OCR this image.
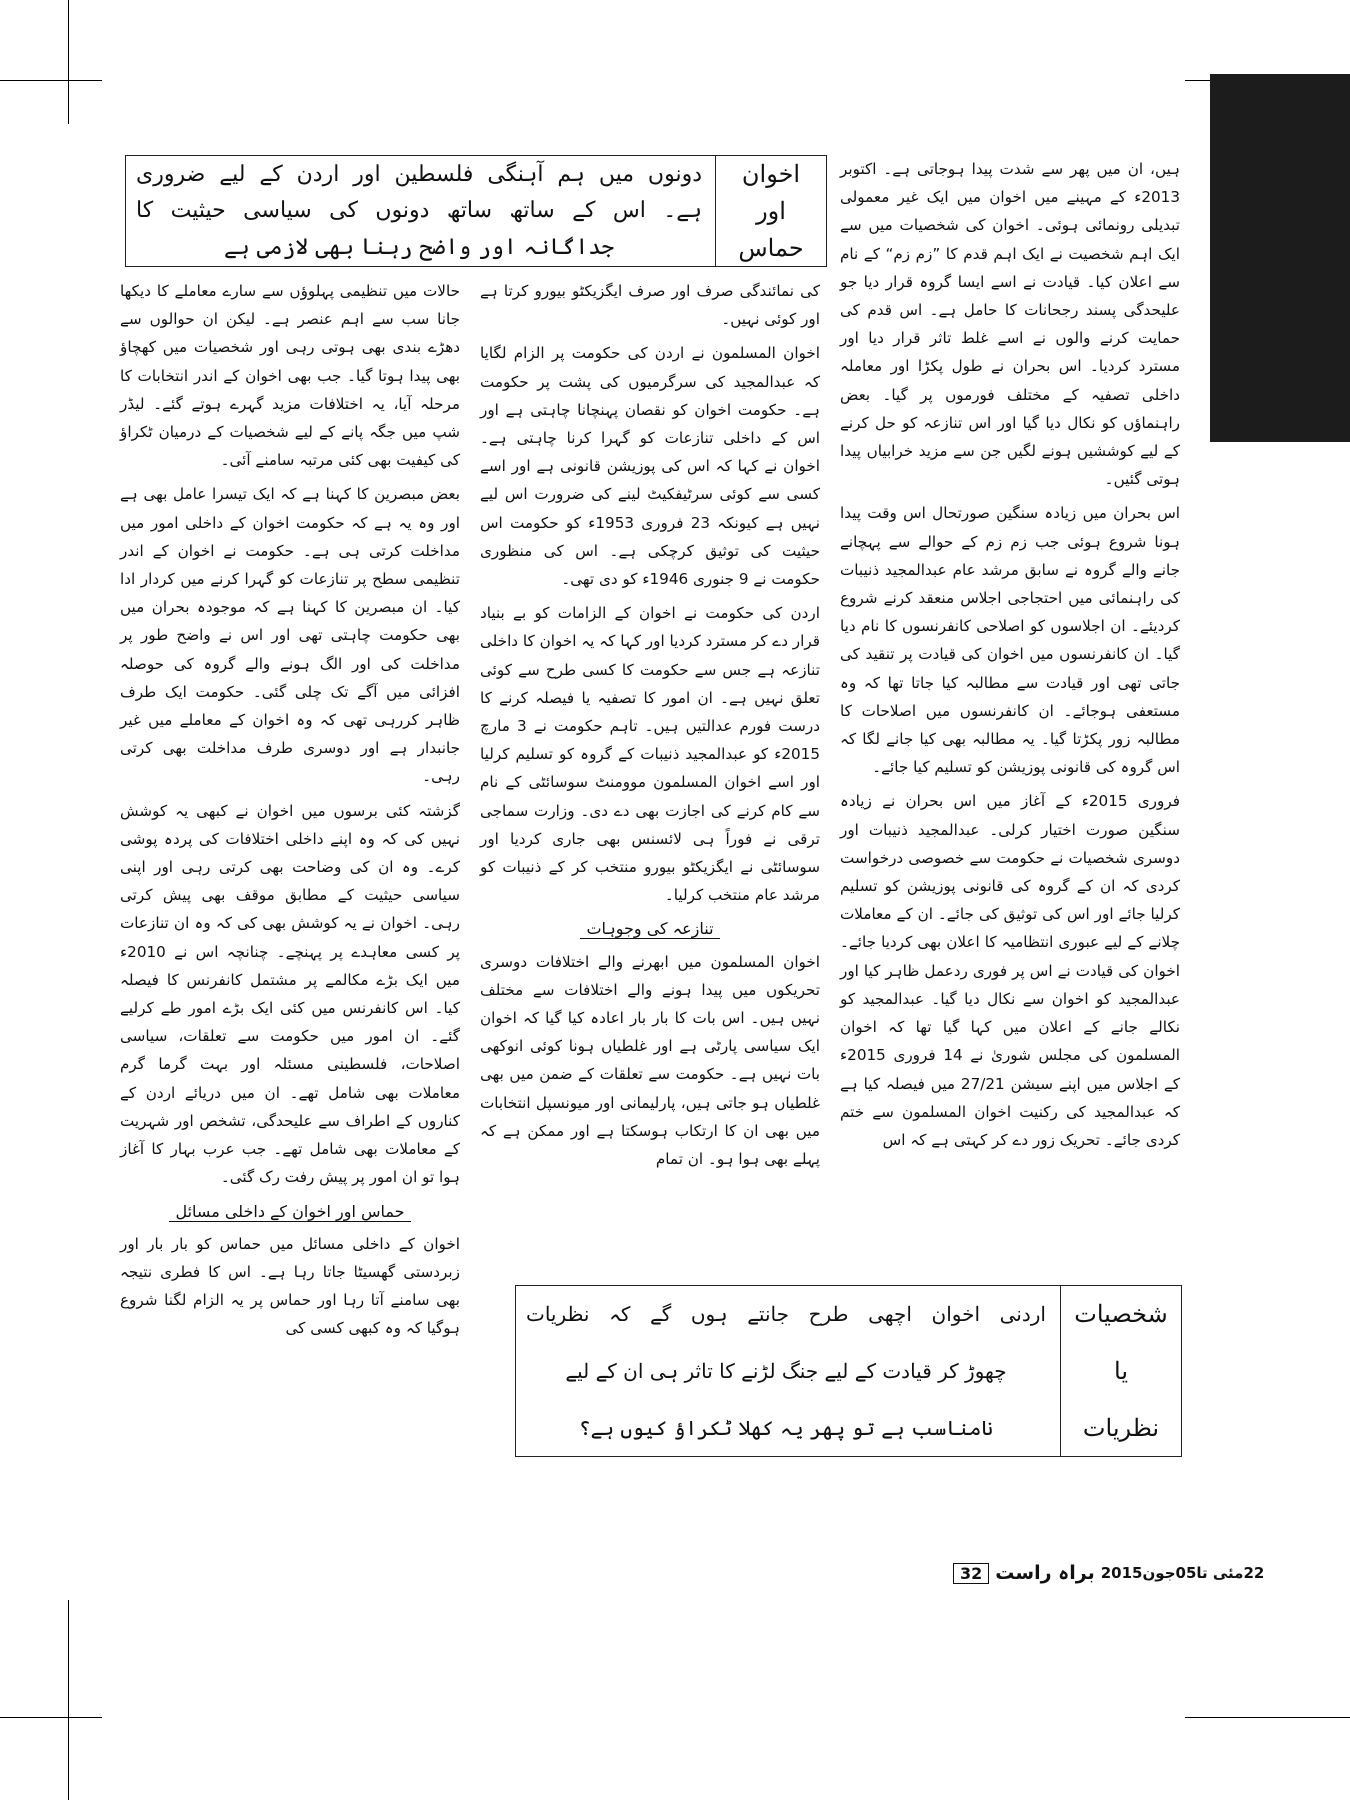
اخوان
اور
حماس
دونوں میں ہم آہنگی فلسطین اور اردن کے لیے ضروری
ہے۔ اس کے ساتھ ساتھ دونوں کی سیاسی حیثیت کا
جداگانہ اور واضح رہنا بھی لازمی ہے

ہیں، ان میں پھر سے شدت پیدا ہوجاتی ہے۔ اکتوبر 2013ء کے مہینے میں اخوان میں ایک غیر معمولی تبدیلی رونمائی ہوئی۔ اخوان کی شخصیات میں سے ایک اہم شخصیت نے ایک اہم قدم کا ”زم زم“ کے نام سے اعلان کیا۔ قیادت نے اسے ایسا گروہ قرار دیا جو علیحدگی پسند رجحانات کا حامل ہے۔ اس قدم کی حمایت کرنے والوں نے اسے غلط تاثر قرار دیا اور مسترد کردیا۔ اس بحران نے طول پکڑا اور معاملہ داخلی تصفیہ کے مختلف فورموں پر گیا۔ بعض راہنماؤں کو نکال دیا گیا اور اس تنازعہ کو حل کرنے کے لیے کوششیں ہونے لگیں جن سے مزید خرابیاں پیدا ہوتی گئیں۔

اس بحران میں زیادہ سنگین صورتحال اس وقت پیدا ہونا شروع ہوئی جب زم زم کے حوالے سے پہچانے جانے والے گروہ نے سابق مرشد عام عبدالمجید ذنیبات کی راہنمائی میں احتجاجی اجلاس منعقد کرنے شروع کردیئے۔ ان اجلاسوں کو اصلاحی کانفرنسوں کا نام دیا گیا۔ ان کانفرنسوں میں اخوان کی قیادت پر تنقید کی جاتی تھی اور قیادت سے مطالبہ کیا جاتا تھا کہ وہ مستعفی ہوجائے۔ ان کانفرنسوں میں اصلاحات کا مطالبہ زور پکڑتا گیا۔ یہ مطالبہ بھی کیا جانے لگا کہ اس گروہ کی قانونی پوزیشن کو تسلیم کیا جائے۔

فروری 2015ء کے آغاز میں اس بحران نے زیادہ سنگین صورت اختیار کرلی۔ عبدالمجید ذنیبات اور دوسری شخصیات نے حکومت سے خصوصی درخواست کردی کہ ان کے گروہ کی قانونی پوزیشن کو تسلیم کرلیا جائے اور اس کی توثیق کی جائے۔ ان کے معاملات چلانے کے لیے عبوری انتظامیہ کا اعلان بھی کردیا جائے۔ اخوان کی قیادت نے اس پر فوری ردعمل ظاہر کیا اور عبدالمجید کو اخوان سے نکال دیا گیا۔ عبدالمجید کو نکالے جانے کے اعلان میں کہا گیا تھا کہ اخوان المسلمون کی مجلس شوریٰ نے 14 فروری 2015ء کے اجلاس میں اپنے سیشن 27/21 میں فیصلہ کیا ہے کہ عبدالمجید کی رکنیت اخوان المسلمون سے ختم کردی جائے۔ تحریک زور دے کر کہتی ہے کہ اس

کی نمائندگی صرف اور صرف ایگزیکٹو بیورو کرتا ہے اور کوئی نہیں۔

اخوان المسلمون نے اردن کی حکومت پر الزام لگایا کہ عبدالمجید کی سرگرمیوں کی پشت پر حکومت ہے۔ حکومت اخوان کو نقصان پہنچانا چاہتی ہے اور اس کے داخلی تنازعات کو گہرا کرنا چاہتی ہے۔ اخوان نے کہا کہ اس کی پوزیشن قانونی ہے اور اسے کسی سے کوئی سرٹیفکیٹ لینے کی ضرورت اس لیے نہیں ہے کیونکہ 23 فروری 1953ء کو حکومت اس حیثیت کی توثیق کرچکی ہے۔ اس کی منظوری حکومت نے 9 جنوری 1946ء کو دی تھی۔

اردن کی حکومت نے اخوان کے الزامات کو بے بنیاد قرار دے کر مسترد کردیا اور کہا کہ یہ اخوان کا داخلی تنازعہ ہے جس سے حکومت کا کسی طرح سے کوئی تعلق نہیں ہے۔ ان امور کا تصفیہ یا فیصلہ کرنے کا درست فورم عدالتیں ہیں۔ تاہم حکومت نے 3 مارچ 2015ء کو عبدالمجید ذنیبات کے گروہ کو تسلیم کرلیا اور اسے اخوان المسلمون موومنٹ سوسائٹی کے نام سے کام کرنے کی اجازت بھی دے دی۔ وزارت سماجی ترقی نے فوراً ہی لائسنس بھی جاری کردیا اور سوسائٹی نے ایگزیکٹو بیورو منتخب کر کے ذنیبات کو مرشد عام منتخب کرلیا۔

تنازعہ کی وجوہات

اخوان المسلمون میں ابھرنے والے اختلافات دوسری تحریکوں میں پیدا ہونے والے اختلافات سے مختلف نہیں ہیں۔ اس بات کا بار بار اعادہ کیا گیا کہ اخوان ایک سیاسی پارٹی ہے اور غلطیاں ہونا کوئی انوکھی بات نہیں ہے۔ حکومت سے تعلقات کے ضمن میں بھی غلطیاں ہو جاتی ہیں، پارلیمانی اور میونسپل انتخابات میں بھی ان کا ارتکاب ہوسکتا ہے اور ممکن ہے کہ پہلے بھی ہوا ہو۔ ان تمام

حالات میں تنظیمی پہلوؤں سے سارے معاملے کا دیکھا جانا سب سے اہم عنصر ہے۔ لیکن ان حوالوں سے دھڑے بندی بھی ہوتی رہی اور شخصیات میں کھچاؤ بھی پیدا ہوتا گیا۔ جب بھی اخوان کے اندر انتخابات کا مرحلہ آیا، یہ اختلافات مزید گہرے ہوتے گئے۔ لیڈر شپ میں جگہ پانے کے لیے شخصیات کے درمیان ٹکراؤ کی کیفیت بھی کئی مرتبہ سامنے آئی۔

بعض مبصرین کا کہنا ہے کہ ایک تیسرا عامل بھی ہے اور وہ یہ ہے کہ حکومت اخوان کے داخلی امور میں مداخلت کرتی ہی ہے۔ حکومت نے اخوان کے اندر تنظیمی سطح پر تنازعات کو گہرا کرنے میں کردار ادا کیا۔ ان مبصرین کا کہنا ہے کہ موجودہ بحران میں بھی حکومت چاہتی تھی اور اس نے واضح طور پر مداخلت کی اور الگ ہونے والے گروہ کی حوصلہ افزائی میں آگے تک چلی گئی۔ حکومت ایک طرف ظاہر کررہی تھی کہ وہ اخوان کے معاملے میں غیر جانبدار ہے اور دوسری طرف مداخلت بھی کرتی رہی۔

گزشتہ کئی برسوں میں اخوان نے کبھی یہ کوشش نہیں کی کہ وہ اپنے داخلی اختلافات کی پردہ پوشی کرے۔ وہ ان کی وضاحت بھی کرتی رہی اور اپنی سیاسی حیثیت کے مطابق موقف بھی پیش کرتی رہی۔ اخوان نے یہ کوشش بھی کی کہ وہ ان تنازعات پر کسی معاہدے پر پہنچے۔ چنانچہ اس نے 2010ء میں ایک بڑے مکالمے پر مشتمل کانفرنس کا فیصلہ کیا۔ اس کانفرنس میں کئی ایک بڑے امور طے کرلیے گئے۔ ان امور میں حکومت سے تعلقات، سیاسی اصلاحات، فلسطینی مسئلہ اور بہت گرما گرم معاملات بھی شامل تھے۔ ان میں دریائے اردن کے کناروں کے اطراف سے علیحدگی، تشخص اور شہریت کے معاملات بھی شامل تھے۔ جب عرب بہار کا آغاز ہوا تو ان امور پر پیش رفت رک گئی۔

حماس اور اخوان کے داخلی مسائل

اخوان کے داخلی مسائل میں حماس کو بار بار اور زبردستی گھسیٹا جاتا رہا ہے۔ اس کا فطری نتیجہ بھی سامنے آتا رہا اور حماس پر یہ الزام لگنا شروع ہوگیا کہ وہ کبھی کسی کی	شخصیات
یا
نظریات
اردنی اخوان اچھی طرح جانتے ہوں گے کہ نظریات
چھوڑ کر قیادت کے لیے جنگ لڑنے کا تاثر ہی ان کے لیے
نامناسب ہے تو پھر یہ کھلا ٹکراؤ کیوں ہے؟
22مئی تا05جون2015
براہ راست
32
